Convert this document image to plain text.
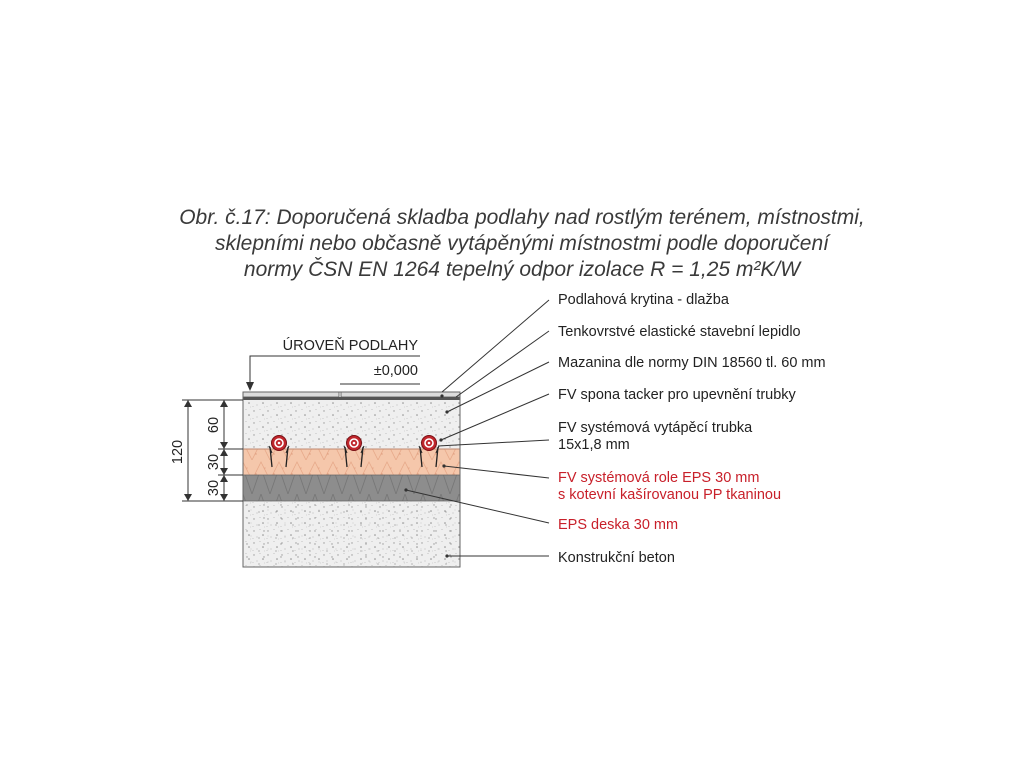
Obr. č.17: Doporučená skladba podlahy nad rostlým terénem, místnostmi,
sklepními nebo občasně vytápěnými místnostmi podle doporučení
normy ČSN EN 1264 tepelný odpor izolace R = 1,25 m²K/W
ÚROVEŇ PODLAHY
±0,000
120
60
30
30
Podlahová krytina - dlažba
Tenkovrstvé elastické stavební lepidlo
Mazanina dle normy DIN 18560 tl. 60 mm
FV spona tacker pro upevnění trubky
FV systémová vytápěcí trubka
15x1,8 mm
FV systémová role EPS 30 mm
s kotevní kašírovanou PP tkaninou
EPS deska 30 mm
Konstrukční beton
